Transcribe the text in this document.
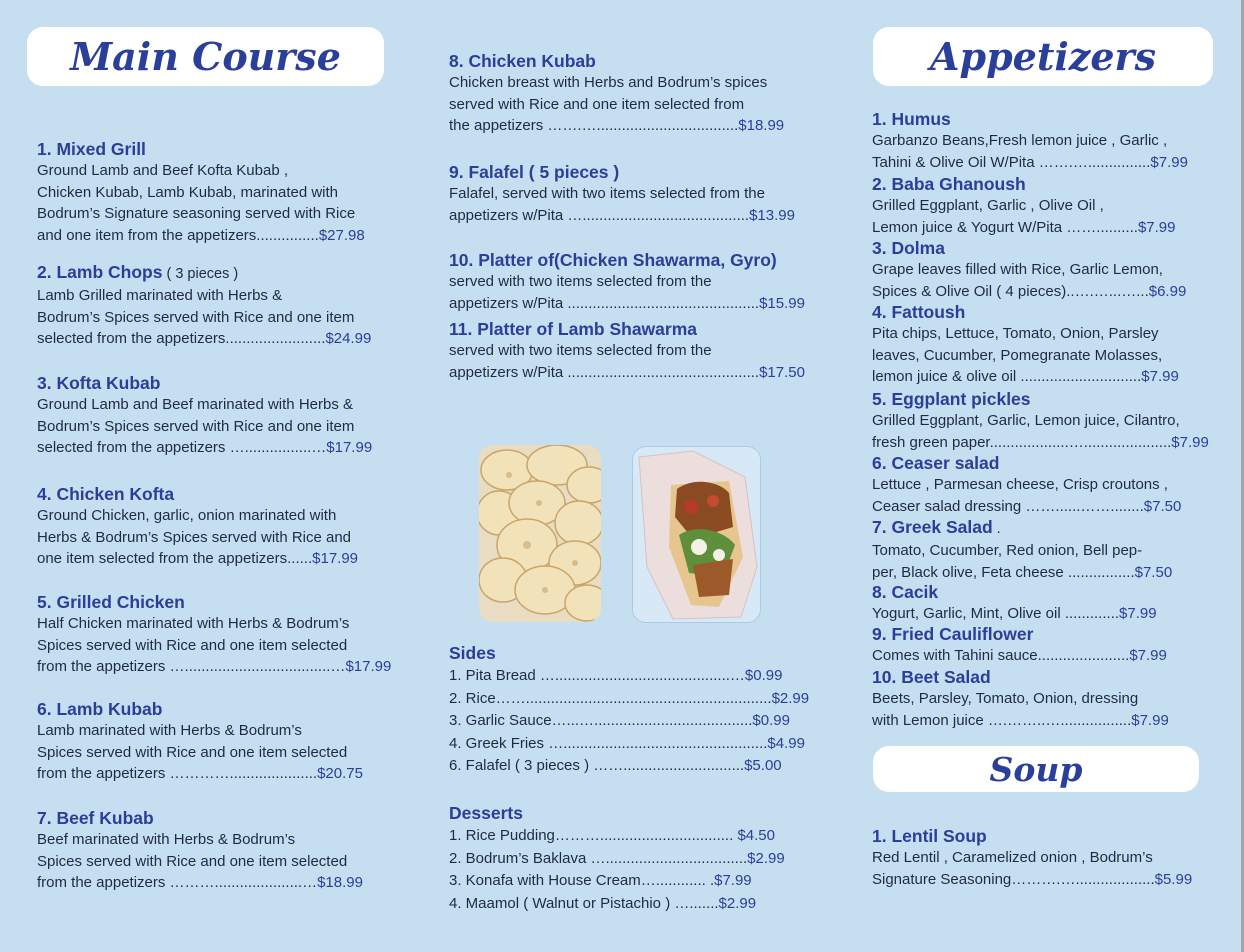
Main Course	Appetizers
Soup
1. Mixed Grill
Ground Lamb and Beef Kofta Kubab ,
Chicken Kubab, Lamb Kubab, marinated with
Bodrum’s Signature seasoning served with Rice
and one item from the appetizers...............$27.98
2. Lamb Chops ( 3 pieces )
Lamb Grilled marinated with Herbs &
Bodrum’s Spices served with Rice and one item
selected from the appetizers........................$24.99
3. Kofta Kubab
Ground Lamb and Beef marinated with Herbs &
Bodrum’s Spices served with Rice and one item
selected from the appetizers …................…$17.99
4. Chicken Kofta
Ground Chicken, garlic, onion marinated with
Herbs & Bodrum’s Spices served with Rice and
one item selected from the appetizers......$17.99
5. Grilled Chicken
Half Chicken marinated with Herbs & Bodrum’s
Spices served with Rice and one item selected
from the appetizers …...................................…$17.99
6. Lamb Kubab
Lamb marinated with Herbs & Bodrum’s
Spices served with Rice and one item selected
from the appetizers ………….....................$20.75
7. Beef Kubab
Beef marinated with Herbs & Bodrum’s
Spices served with Rice and one item selected
from the appetizers ……….....................…$18.99
8. Chicken Kubab
Chicken breast with Herbs and Bodrum’s spices
served with Rice and one item selected from
the appetizers …….…..................................$18.99
9. Falafel ( 5 pieces )
Falafel, served with two items selected from the
appetizers w/Pita …........................................$13.99
10. Platter of(Chicken Shawarma, Gyro)
served with two items selected from the
appetizers w/Pita ..............................................$15.99
11. Platter of Lamb Shawarma
served with two items selected from the
appetizers w/Pita ..............................................$17.50
Sides
1. Pita Bread …..........................................…$0.99
2. Rice……...........................................................$2.99
3. Garlic Sauce…...…......................................$0.99
4. Greek Fries ….................................................$4.99
6. Falafel ( 3 pieces ) …….............................$5.00
Desserts
1. Rice Pudding………................................ $4.50
2. Bodrum’s Baklava …..................................$2.99
3. Konafa with House Cream…............ .$7.99
4. Maamol ( Walnut or Pistachio ) ….......$2.99
1. Humus
Garbanzo Beans,Fresh lemon juice , Garlic ,
Tahini & Olive Oil W/Pita …….…...............$7.99
2. Baba Ghanoush
Grilled Eggplant, Garlic , Olive Oil ,
Lemon juice & Yogurt W/Pita ……..........$7.99
3. Dolma
Grape leaves filled with Rice, Garlic Lemon,
Spices & Olive Oil ( 4 pieces)..….…...…...$6.99
4. Fattoush
Pita chips, Lettuce, Tomato, Onion, Parsley
leaves, Cucumber, Pomegranate Molasses,
lemon juice & olive oil .............................$7.99
5. Eggplant pickles
Grilled Eggplant, Garlic, Lemon juice, Cilantro,
fresh green paper...................….....................$7.99
6. Ceaser salad
Lettuce , Parmesan cheese, Crisp croutons ,
Ceaser salad dressing ……......……........$7.50
7. Greek Salad .
Tomato, Cucumber, Red onion, Bell pep-
per, Black olive, Feta cheese ................$7.50
8. Cacik
Yogurt, Garlic, Mint, Olive oil .............$7.99
9. Fried Cauliflower
Comes with Tahini sauce......................$7.99
10. Beet Salad
Beets, Parsley, Tomato, Onion, dressing
with Lemon juice ….……..….................$7.99
1. Lentil Soup
Red Lentil , Caramelized onion , Bodrum’s
Signature Seasoning……….…...................$5.99
